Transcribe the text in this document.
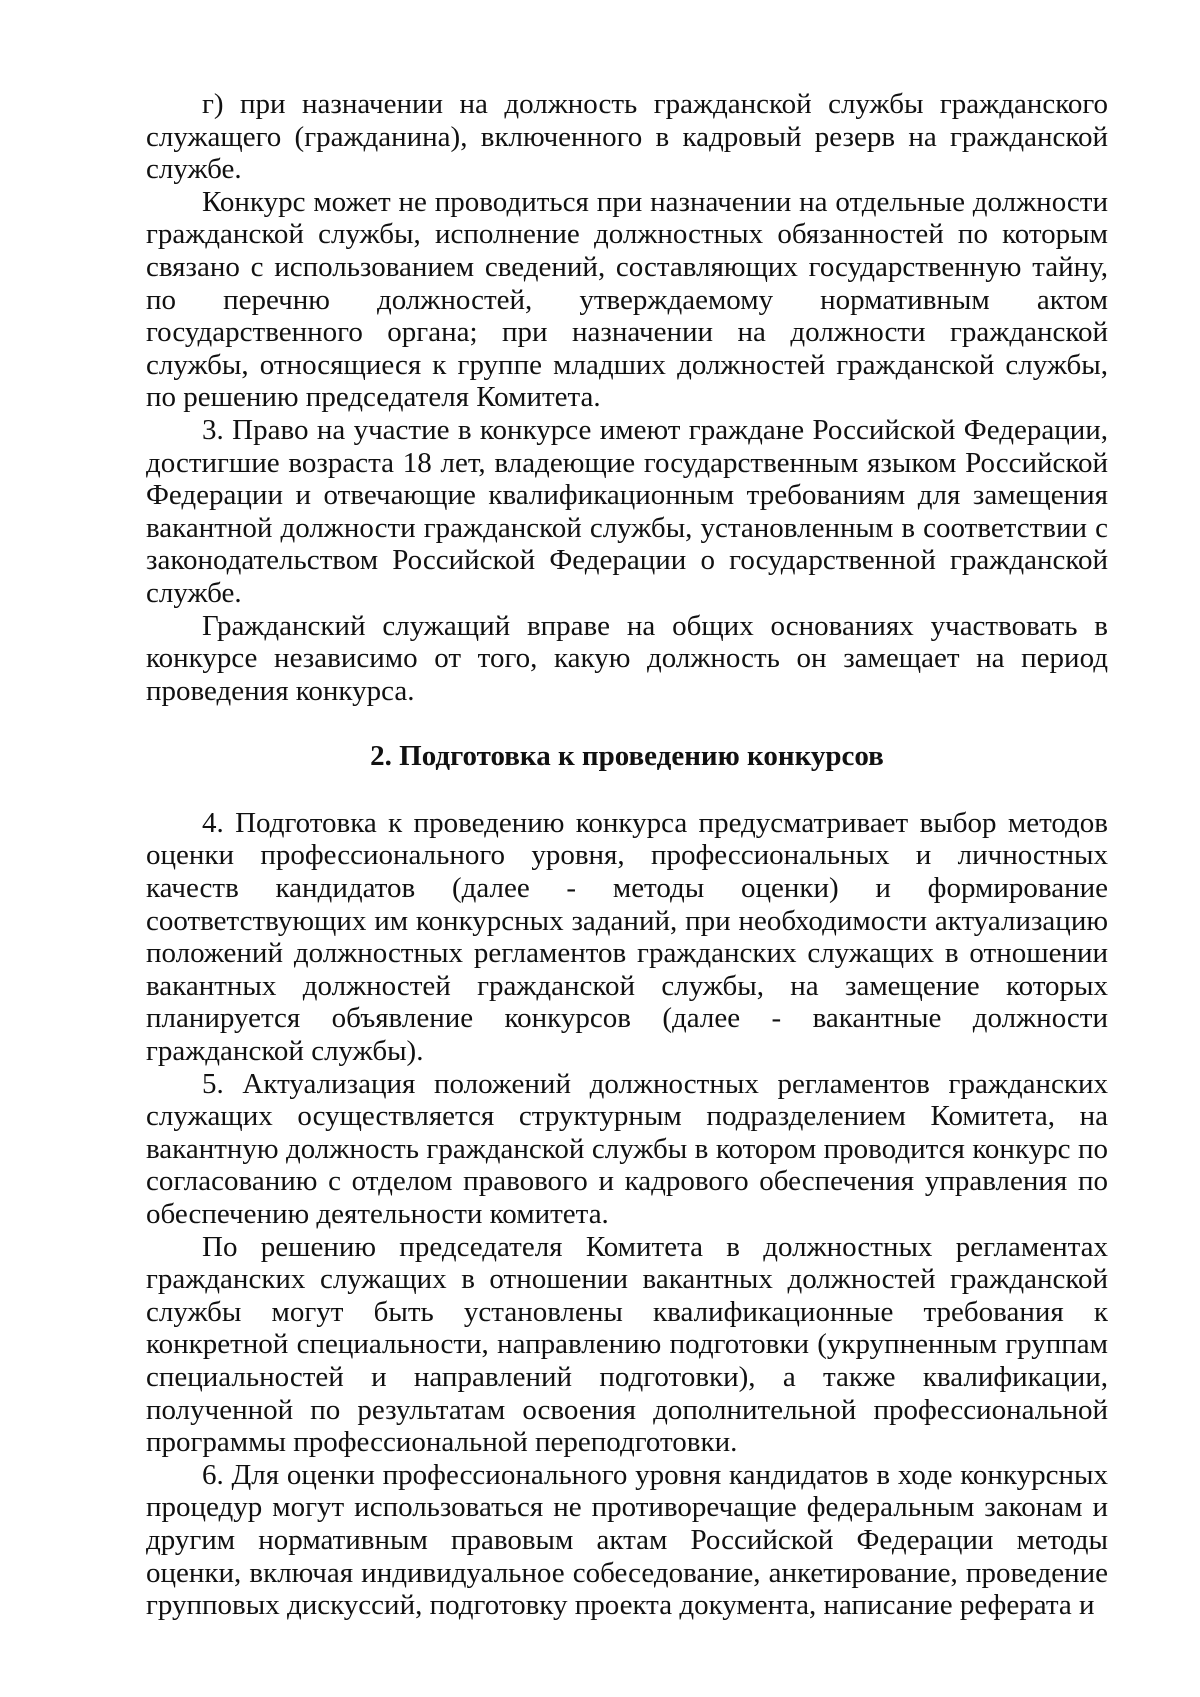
г) при назначении на должность гражданской службы гражданского служащего (гражданина), включенного в кадровый резерв на гражданской службе.

Конкурс может не проводиться при назначении на отдельные должности гражданской службы, исполнение должностных обязанностей по которым связано с использованием сведений, составляющих государственную тайну, по перечню должностей, утверждаемому нормативным актом государственного органа; при назначении на должности гражданской службы, относящиеся к группе младших должностей гражданской службы, по решению председателя Комитета.

3. Право на участие в конкурсе имеют граждане Российской Федерации, достигшие возраста 18 лет, владеющие государственным языком Российской Федерации и отвечающие квалификационным требованиям для замещения вакантной должности гражданской службы, установленным в соответствии с законодательством Российской Федерации о государственной гражданской службе.

Гражданский служащий вправе на общих основаниях участвовать в конкурсе независимо от того, какую должность он замещает на период проведения конкурса.

2. Подготовка к проведению конкурсов

4. Подготовка к проведению конкурса предусматривает выбор методов оценки профессионального уровня, профессиональных и личностных качеств кандидатов (далее - методы оценки) и формирование соответствующих им конкурсных заданий, при необходимости актуализацию положений должностных регламентов гражданских служащих в отношении вакантных должностей гражданской службы, на замещение которых планируется объявление конкурсов (далее - вакантные должности гражданской службы).

5. Актуализация положений должностных регламентов гражданских служащих осуществляется структурным подразделением Комитета, на вакантную должность гражданской службы в котором проводится конкурс по согласованию с отделом правового и кадрового обеспечения управления по обеспечению деятельности комитета.

По решению председателя Комитета в должностных регламентах гражданских служащих в отношении вакантных должностей гражданской службы могут быть установлены квалификационные требования к конкретной специальности, направлению подготовки (укрупненным группам специальностей и направлений подготовки), а также квалификации, полученной по результатам освоения дополнительной профессиональной программы профессиональной переподготовки.

6. Для оценки профессионального уровня кандидатов в ходе конкурсных процедур могут использоваться не противоречащие федеральным законам и другим нормативным правовым актам Российской Федерации методы оценки, включая индивидуальное собеседование, анкетирование, проведение групповых дискуссий, подготовку проекта документа, написание реферата и
